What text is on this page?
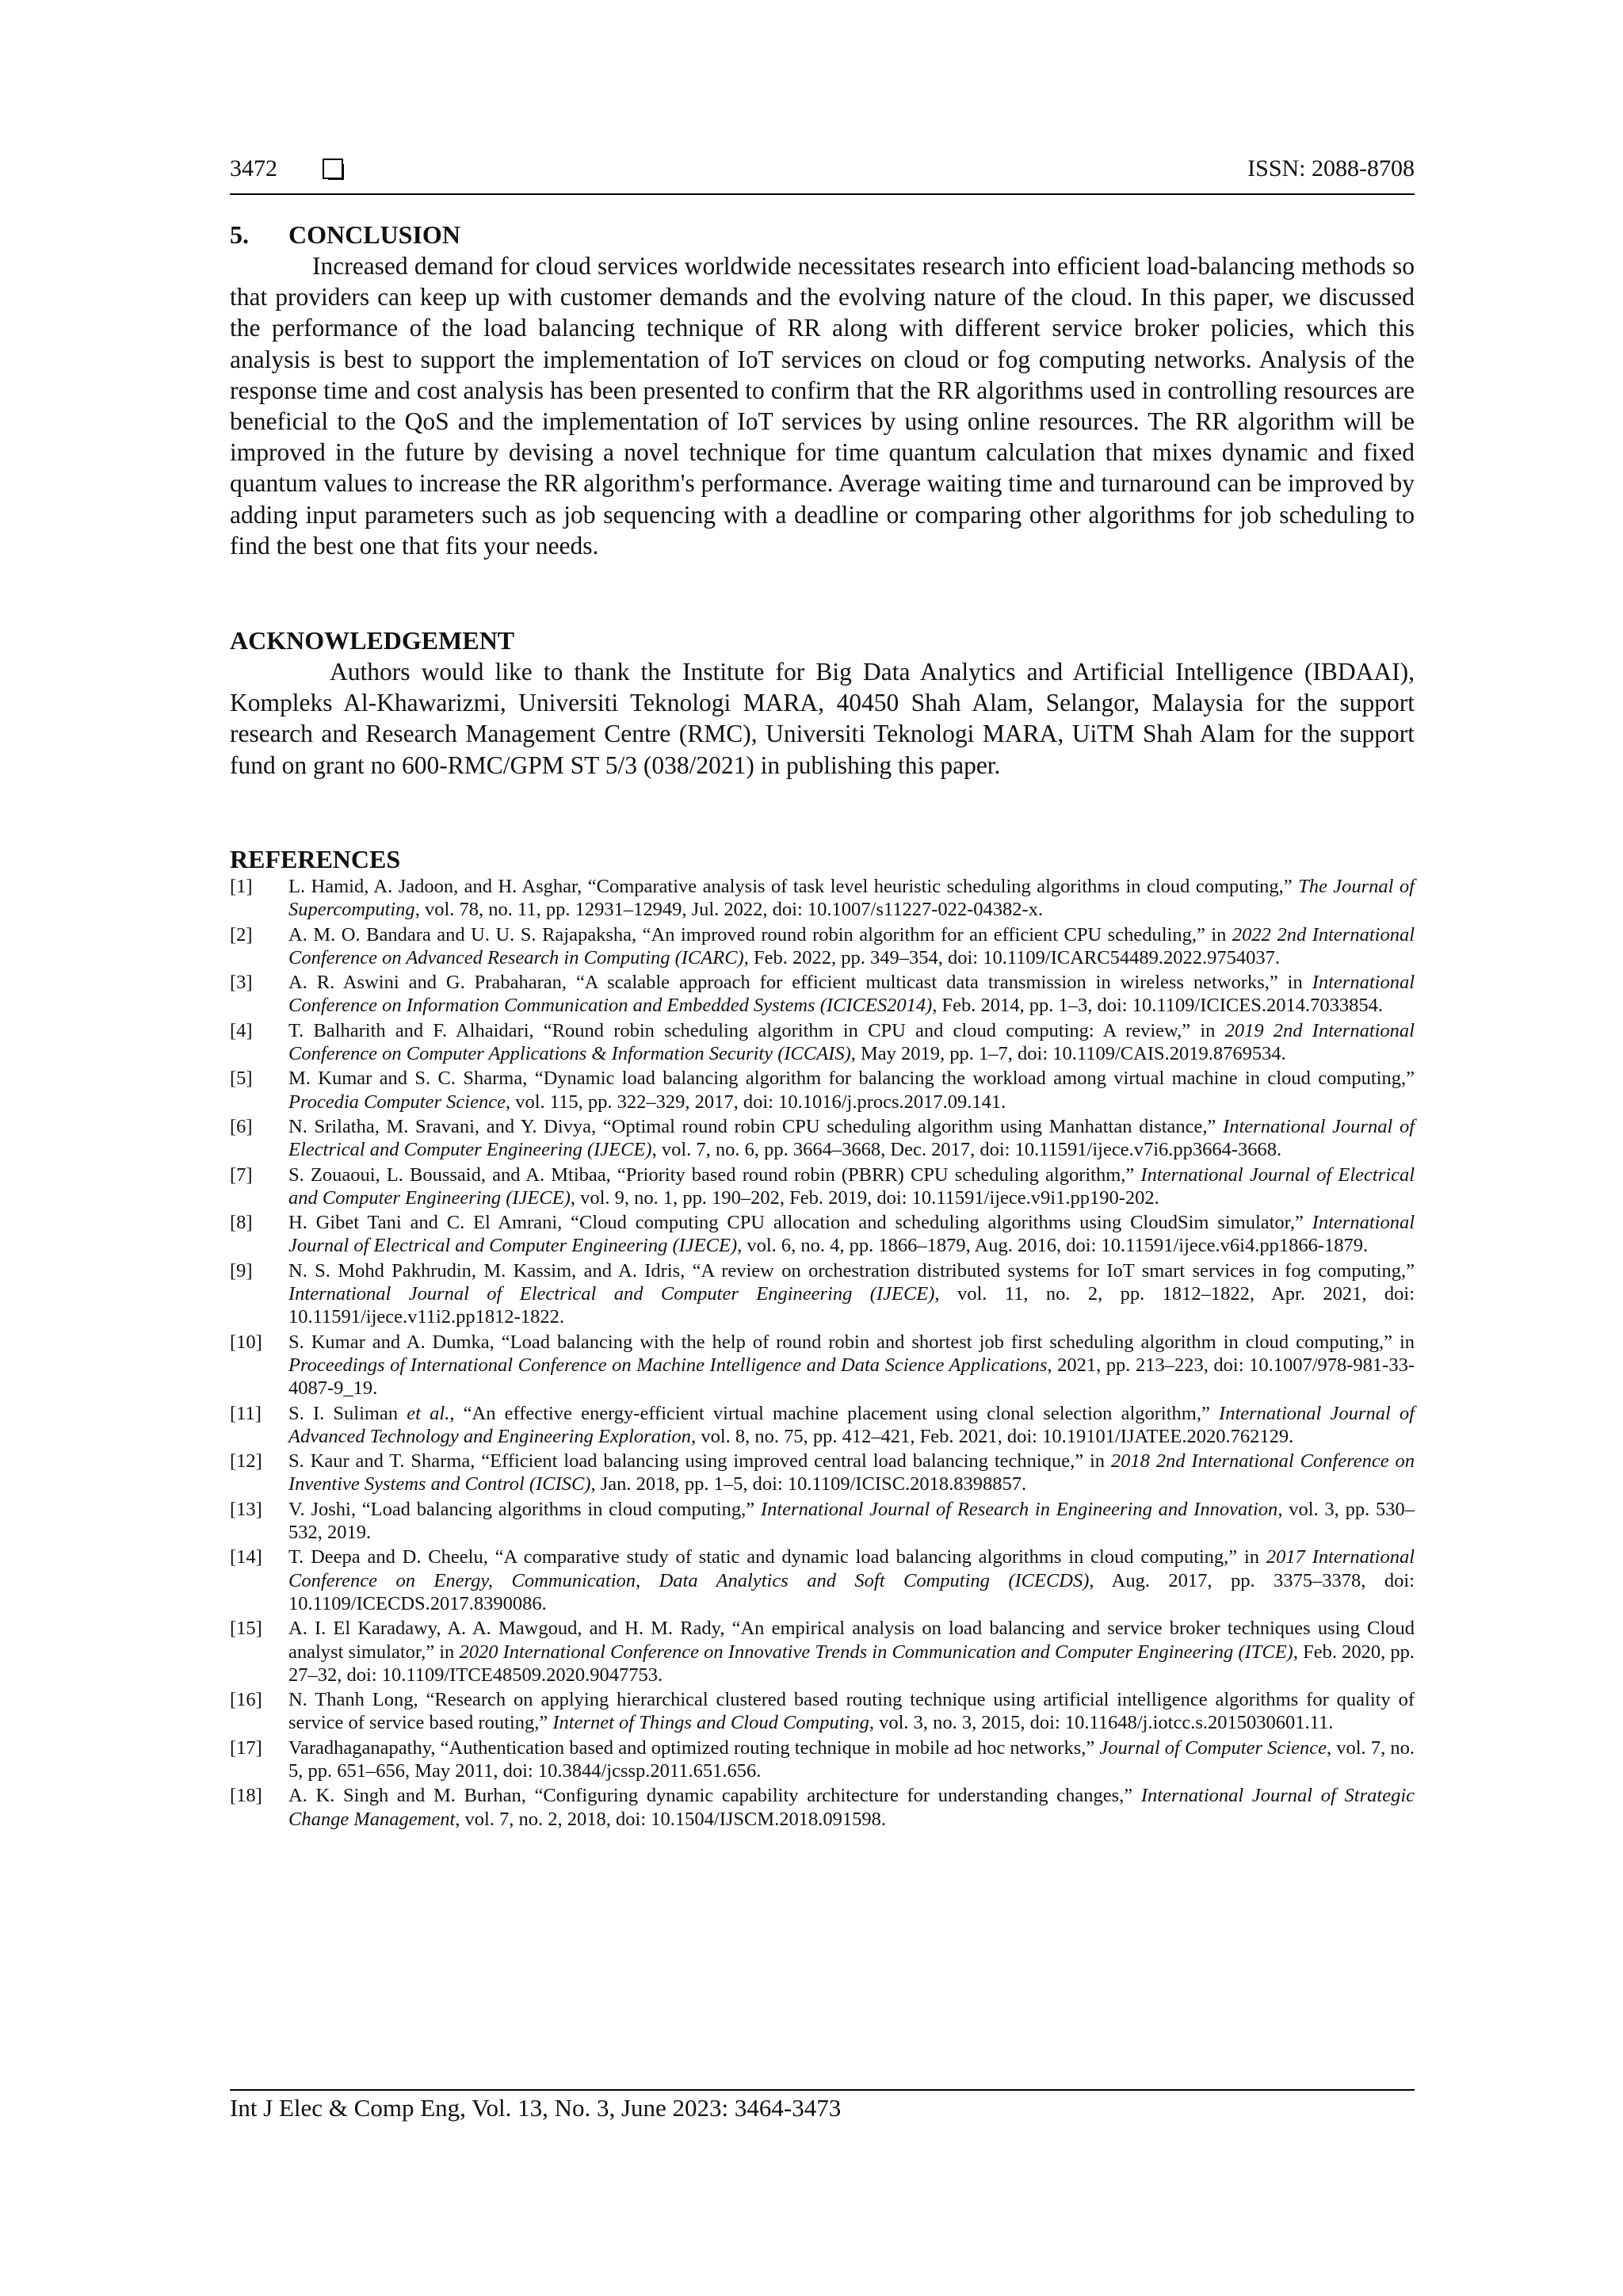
3472	ISSN: 2088-8708
5. CONCLUSION

Increased demand for cloud services worldwide necessitates research into efficient load-balancing methods so that providers can keep up with customer demands and the evolving nature of the cloud. In this paper, we discussed the performance of the load balancing technique of RR along with different service broker policies, which this analysis is best to support the implementation of IoT services on cloud or fog computing networks. Analysis of the response time and cost analysis has been presented to confirm that the RR algorithms used in controlling resources are beneficial to the QoS and the implementation of IoT services by using online resources. The RR algorithm will be improved in the future by devising a novel technique for time quantum calculation that mixes dynamic and fixed quantum values to increase the RR algorithm's performance. Average waiting time and turnaround can be improved by adding input parameters such as job sequencing with a deadline or comparing other algorithms for job scheduling to find the best one that fits your needs.

ACKNOWLEDGEMENT

Authors would like to thank the Institute for Big Data Analytics and Artificial Intelligence (IBDAAI), Kompleks Al-Khawarizmi, Universiti Teknologi MARA, 40450 Shah Alam, Selangor, Malaysia for the support research and Research Management Centre (RMC), Universiti Teknologi MARA, UiTM Shah Alam for the support fund on grant no 600-RMC/GPM ST 5/3 (038/2021) in publishing this paper.

REFERENCES
[1]	L. Hamid, A. Jadoon, and H. Asghar, “Comparative analysis of task level heuristic scheduling algorithms in cloud computing,” The Journal of Supercomputing, vol. 78, no. 11, pp. 12931–12949, Jul. 2022, doi: 10.1007/s11227-022-04382-x.
[2]	A. M. O. Bandara and U. U. S. Rajapaksha, “An improved round robin algorithm for an efficient CPU scheduling,” in 2022 2nd International Conference on Advanced Research in Computing (ICARC), Feb. 2022, pp. 349–354, doi: 10.1109/ICARC54489.2022.9754037.
[3]	A. R. Aswini and G. Prabaharan, “A scalable approach for efficient multicast data transmission in wireless networks,” in International Conference on Information Communication and Embedded Systems (ICICES2014), Feb. 2014, pp. 1–3, doi: 10.1109/ICICES.2014.7033854.
[4]	T. Balharith and F. Alhaidari, “Round robin scheduling algorithm in CPU and cloud computing: A review,” in 2019 2nd International Conference on Computer Applications & Information Security (ICCAIS), May 2019, pp. 1–7, doi: 10.1109/CAIS.2019.8769534.
[5]	M. Kumar and S. C. Sharma, “Dynamic load balancing algorithm for balancing the workload among virtual machine in cloud computing,” Procedia Computer Science, vol. 115, pp. 322–329, 2017, doi: 10.1016/j.procs.2017.09.141.
[6]	N. Srilatha, M. Sravani, and Y. Divya, “Optimal round robin CPU scheduling algorithm using Manhattan distance,” International Journal of Electrical and Computer Engineering (IJECE), vol. 7, no. 6, pp. 3664–3668, Dec. 2017, doi: 10.11591/ijece.v7i6.pp3664-3668.
[7]	S. Zouaoui, L. Boussaid, and A. Mtibaa, “Priority based round robin (PBRR) CPU scheduling algorithm,” International Journal of Electrical and Computer Engineering (IJECE), vol. 9, no. 1, pp. 190–202, Feb. 2019, doi: 10.11591/ijece.v9i1.pp190-202.
[8]	H. Gibet Tani and C. El Amrani, “Cloud computing CPU allocation and scheduling algorithms using CloudSim simulator,” International Journal of Electrical and Computer Engineering (IJECE), vol. 6, no. 4, pp. 1866–1879, Aug. 2016, doi: 10.11591/ijece.v6i4.pp1866-1879.
[9]	N. S. Mohd Pakhrudin, M. Kassim, and A. Idris, “A review on orchestration distributed systems for IoT smart services in fog computing,” International Journal of Electrical and Computer Engineering (IJECE), vol. 11, no. 2, pp. 1812–1822, Apr. 2021, doi: 10.11591/ijece.v11i2.pp1812-1822.
[10]	S. Kumar and A. Dumka, “Load balancing with the help of round robin and shortest job first scheduling algorithm in cloud computing,” in Proceedings of International Conference on Machine Intelligence and Data Science Applications, 2021, pp. 213–223, doi: 10.1007/978-981-33-4087-9_19.
[11]	S. I. Suliman et al., “An effective energy-efficient virtual machine placement using clonal selection algorithm,” International Journal of Advanced Technology and Engineering Exploration, vol. 8, no. 75, pp. 412–421, Feb. 2021, doi: 10.19101/IJATEE.2020.762129.
[12]	S. Kaur and T. Sharma, “Efficient load balancing using improved central load balancing technique,” in 2018 2nd International Conference on Inventive Systems and Control (ICISC), Jan. 2018, pp. 1–5, doi: 10.1109/ICISC.2018.8398857.
[13]	V. Joshi, “Load balancing algorithms in cloud computing,” International Journal of Research in Engineering and Innovation, vol. 3, pp. 530–532, 2019.
[14]	T. Deepa and D. Cheelu, “A comparative study of static and dynamic load balancing algorithms in cloud computing,” in 2017 International Conference on Energy, Communication, Data Analytics and Soft Computing (ICECDS), Aug. 2017, pp. 3375–3378, doi: 10.1109/ICECDS.2017.8390086.
[15]	A. I. El Karadawy, A. A. Mawgoud, and H. M. Rady, “An empirical analysis on load balancing and service broker techniques using Cloud analyst simulator,” in 2020 International Conference on Innovative Trends in Communication and Computer Engineering (ITCE), Feb. 2020, pp. 27–32, doi: 10.1109/ITCE48509.2020.9047753.
[16]	N. Thanh Long, “Research on applying hierarchical clustered based routing technique using artificial intelligence algorithms for quality of service of service based routing,” Internet of Things and Cloud Computing, vol. 3, no. 3, 2015, doi: 10.11648/j.iotcc.s.2015030601.11.
[17]	Varadhaganapathy, “Authentication based and optimized routing technique in mobile ad hoc networks,” Journal of Computer Science, vol. 7, no. 5, pp. 651–656, May 2011, doi: 10.3844/jcssp.2011.651.656.
[18]	A. K. Singh and M. Burhan, “Configuring dynamic capability architecture for understanding changes,” International Journal of Strategic Change Management, vol. 7, no. 2, 2018, doi: 10.1504/IJSCM.2018.091598.
Int J Elec & Comp Eng, Vol. 13, No. 3, June 2023: 3464-3473
